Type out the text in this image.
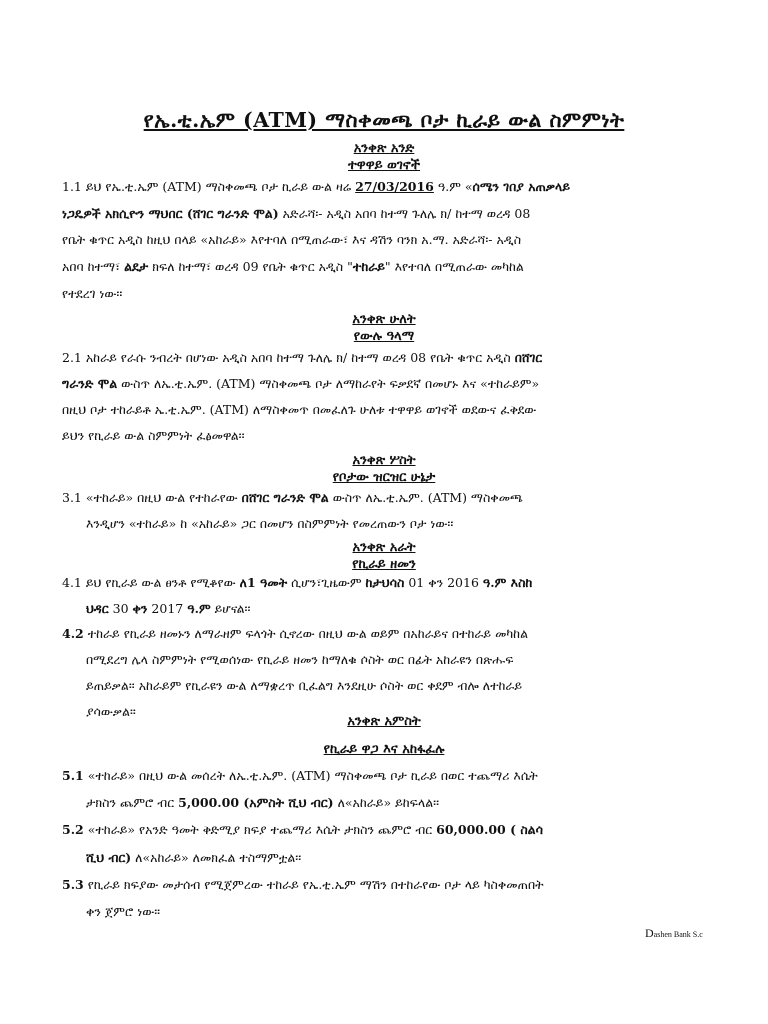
የኤ.ቲ.ኤም (ATM) ማስቀመጫ ቦታ ኪራይ ውል ስምምነት
አንቀጽ አንድ
ተዋዋይ ወገኖች
1.1 ይህ የኤ.ቲ.ኤም (ATM) ማስቀመጫ ቦታ ኪራይ ውል ዛሬ 27/03/2016 ዓ.ም «ሰሜን ገበያ አጠቃላይ
ነጋዴዎች አክሲዮን ማህበር (ሸገር ግራንድ ሞል) አድራሻ፡- አዲስ አበባ ከተማ ጉለሌ ክ/ ከተማ ወረዳ 08
የቤት ቁጥር አዲስ ከዚህ በላይ «አከራይ» እየተባለ በሚጠራው፣ እና ዳሽን ባንክ አ.ማ. አድራሻ፡- አዲስ
አበባ ከተማ፣ ልደታ ክፍለ ከተማ፣ ወረዳ 09 የቤት ቁጥር አዲስ "ተከራይ" እየተባለ በሚጠራው መካከል
የተደረገ ነው፡፡
አንቀጽ ሁለት
የውሉ ዓላማ
2.1 አከራይ የራሱ ንብረት በሆነው አዲስ አበባ ከተማ ጉለሌ ክ/ ከተማ ወረዳ 08 የቤት ቁጥር አዲስ በሸገር
ግራንድ ሞል ውስጥ ለኤ.ቲ.ኤም. (ATM) ማስቀመጫ ቦታ ለማከራየት ፍቃደኛ በመሆኑ እና «ተከራይም»
በዚህ ቦታ ተከራይቶ ኤ.ቲ.ኤም. (ATM) ለማስቀመጥ በመፈለጉ ሁለቱ ተዋዋይ ወገኖች ወደውና ፈቅደው
ይህን የኪራይ ውል ስምምነት ፈፅመዋል፡፡
አንቀጽ ሦስት
የቦታው ዝርዝር ሁኔታ
3.1 «ተከራይ» በዚህ ውል የተከራየው በሸገር ግራንድ ሞል ውስጥ ለኤ.ቲ.ኤም. (ATM) ማስቀመጫ
እንዲሆን «ተከራይ» ከ «አከራይ» ጋር በመሆን በስምምነት የመረጠውን ቦታ ነው፡፡
አንቀጽ አራት
የኪራይ ዘመን
4.1 ይህ የኪራይ ውል ፀንቶ የሚቆየው ለ1 ዓመት ሲሆን፣ጊዜውም ከታህሳስ 01 ቀን 2016 ዓ.ም እስከ
ህዳር 30 ቀን 2017 ዓ.ም ይሆናል፡፡
4.2 ተከራይ የኪራይ ዘመኑን ለማራዘም ፍላጎት ሲኖረው በዚህ ውል ወይም በአከራይና በተከራይ መካከል
በሚደረግ ሌላ ስምምነት የሚወሰነው የኪራይ ዘመን ከማለቁ ሶስት ወር በፊት አከራዩን በጽሑፍ
ይጠይቃል፡፡ አከራይም የኪራዩን ውል ለማቋረጥ ቢፈልግ እንደዚሁ ሶስት ወር ቀደም ብሎ ለተከራይ
ያሳውቃል፡፡
አንቀጽ አምስት
የኪራይ ዋጋ እና አከፋፈሉ
5.1 «ተከራይ» በዚህ ውል መሰረት ለኤ.ቲ.ኤም. (ATM) ማስቀመጫ ቦታ ኪራይ በወር ተጨማሪ እሴት
ታክስን ጨምሮ ብር 5,000.00 (አምስት ሺህ ብር) ለ«አከራይ» ይከፍላል፡፡
5.2 «ተከራይ» የአንድ ዓመት ቅድሚያ ክፍያ ተጨማሪ እሴት ታክስን ጨምሮ ብር 60,000.00 ( ስልሳ
ሺህ ብር) ለ«አከራይ» ለመክፈል ተስማምቷል፡፡
5.3 የኪራይ ክፍያው መታሰብ የሚጀምረው ተከራይ የኤ.ቲ.ኤም ማሽን በተከራየው ቦታ ላይ ካስቀመጠበት
ቀን ጀምሮ ነው፡፡
Dashen Bank S.c
